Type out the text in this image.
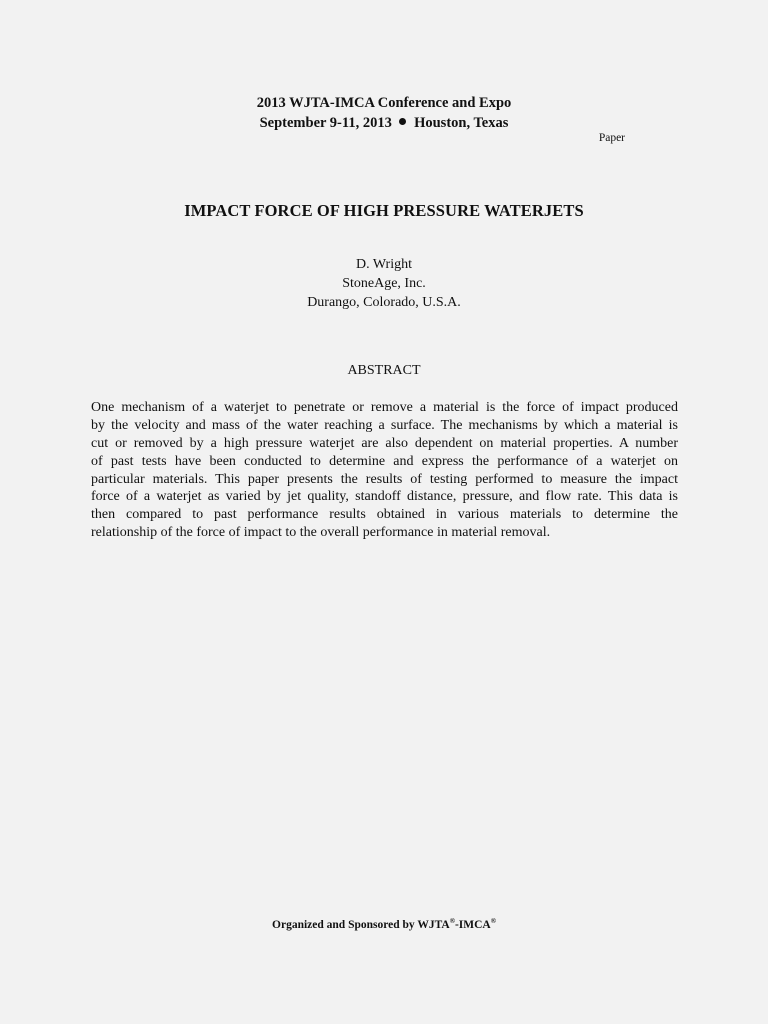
2013 WJTA-IMCA Conference and Expo
September 9-11, 2013 Houston, Texas
Paper
IMPACT FORCE OF HIGH PRESSURE WATERJETS
D. Wright
StoneAge, Inc.
Durango, Colorado, U.S.A.
ABSTRACT
One mechanism of a waterjet to penetrate or remove a material is the force of impact produced
by the velocity and mass of the water reaching a surface. The mechanisms by which a material is
cut or removed by a high pressure waterjet are also dependent on material properties. A number
of past tests have been conducted to determine and express the performance of a waterjet on
particular materials. This paper presents the results of testing performed to measure the impact
force of a waterjet as varied by jet quality, standoff distance, pressure, and flow rate. This data is
then compared to past performance results obtained in various materials to determine the
relationship of the force of impact to the overall performance in material removal.
Organized and Sponsored by WJTA®-IMCA®
